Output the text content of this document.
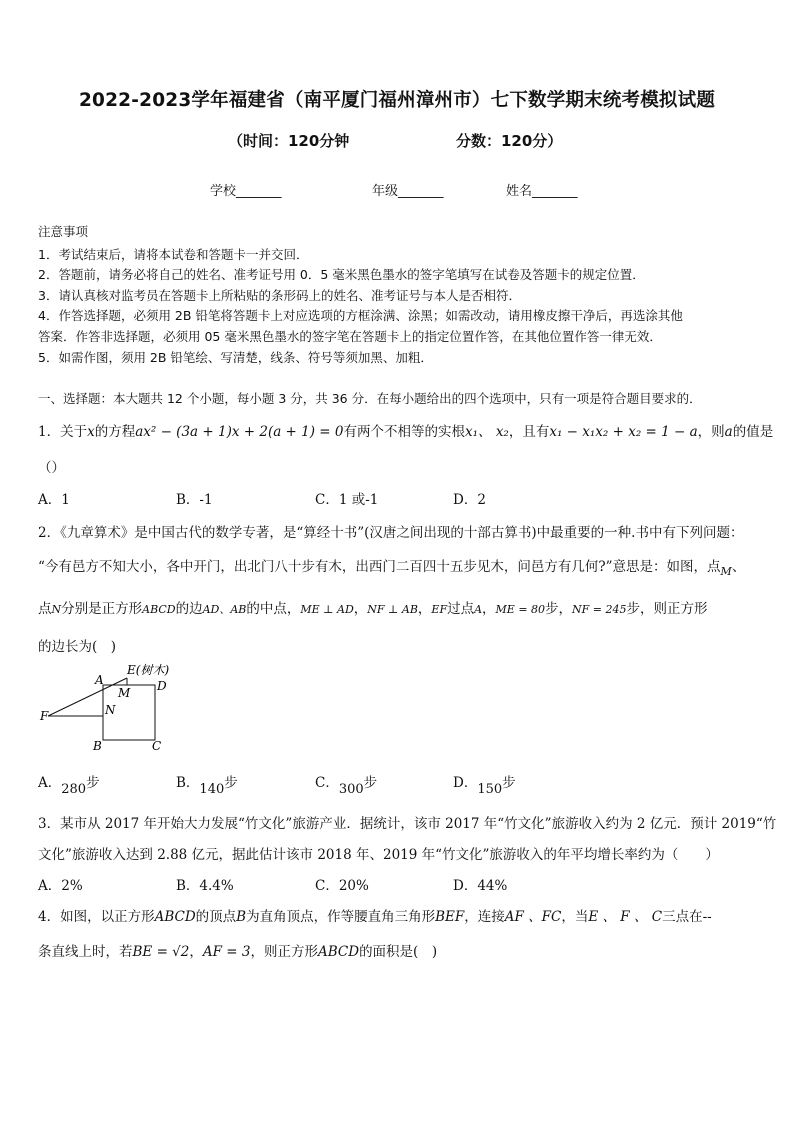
2022-2023学年福建省（南平厦门福州漳州市）七下数学期末统考模拟试题
（时间：120分钟	分数：120分）
学校_______	年级_______	姓名_______
注意事项
1．考试结束后，请将本试卷和答题卡一并交回．
2．答题前，请务必将自己的姓名、准考证号用 0．5 毫米黑色墨水的签字笔填写在试卷及答题卡的规定位置．
3．请认真核对监考员在答题卡上所粘贴的条形码上的姓名、准考证号与本人是否相符．
4．作答选择题，必须用 2B 铅笔将答题卡上对应选项的方框涂满、涂黑；如需改动，请用橡皮擦干净后，再选涂其他
答案．作答非选择题，必须用 05 毫米黑色墨水的签字笔在答题卡上的指定位置作答，在其他位置作答一律无效．
5．如需作图，须用 2B 铅笔绘、写清楚，线条、符号等须加黑、加粗．
一、选择题：本大题共 12 个小题，每小题 3 分，共 36 分．在每小题给出的四个选项中，只有一项是符合题目要求的．
1．关于x的方程ax² − (3a + 1)x + 2(a + 1) = 0有两个不相等的实根x₁、 x₂，且有x₁ − x₁x₂ + x₂ = 1 − a，则a的值是
（）
A．1	B．-1	C．1 或-1	D．2
2．《九章算术》是中国古代的数学专著，是“算经十书”(汉唐之间出现的十部古算书)中最重要的一种.书中有下列问题：
“今有邑方不知大小，各中开门，出北门八十步有木，出西门二百四十五步见木，问邑方有几何?”意思是：如图，点$_M$、
点N分别是正方形ABCD的边AD、AB的中点，ME ⊥ AD，NF ⊥ AB，EF过点A，ME = 80步，NF = 245步，则正方形
的边长为(　)
E(树木)
A
M D
F	N
B	C
A．280步	B．140步	C．300步	D．150步
3．某市从 2017 年开始大力发展“竹文化”旅游产业．据统计，该市 2017 年“竹文化”旅游收入约为 2 亿元．预计 2019“竹
文化”旅游收入达到 2.88 亿元，据此估计该市 2018 年、2019 年“竹文化”旅游收入的年平均增长率约为（　　）
A．2%	B．4.4%	C．20%	D．44%
4．如图，以正方形ABCD的顶点B为直角顶点，作等腰直角三角形BEF，连接AF 、FC，当E 、 F 、 C三点在--
条直线上时，若BE = √2，AF = 3，则正方形ABCD的面积是(　)
